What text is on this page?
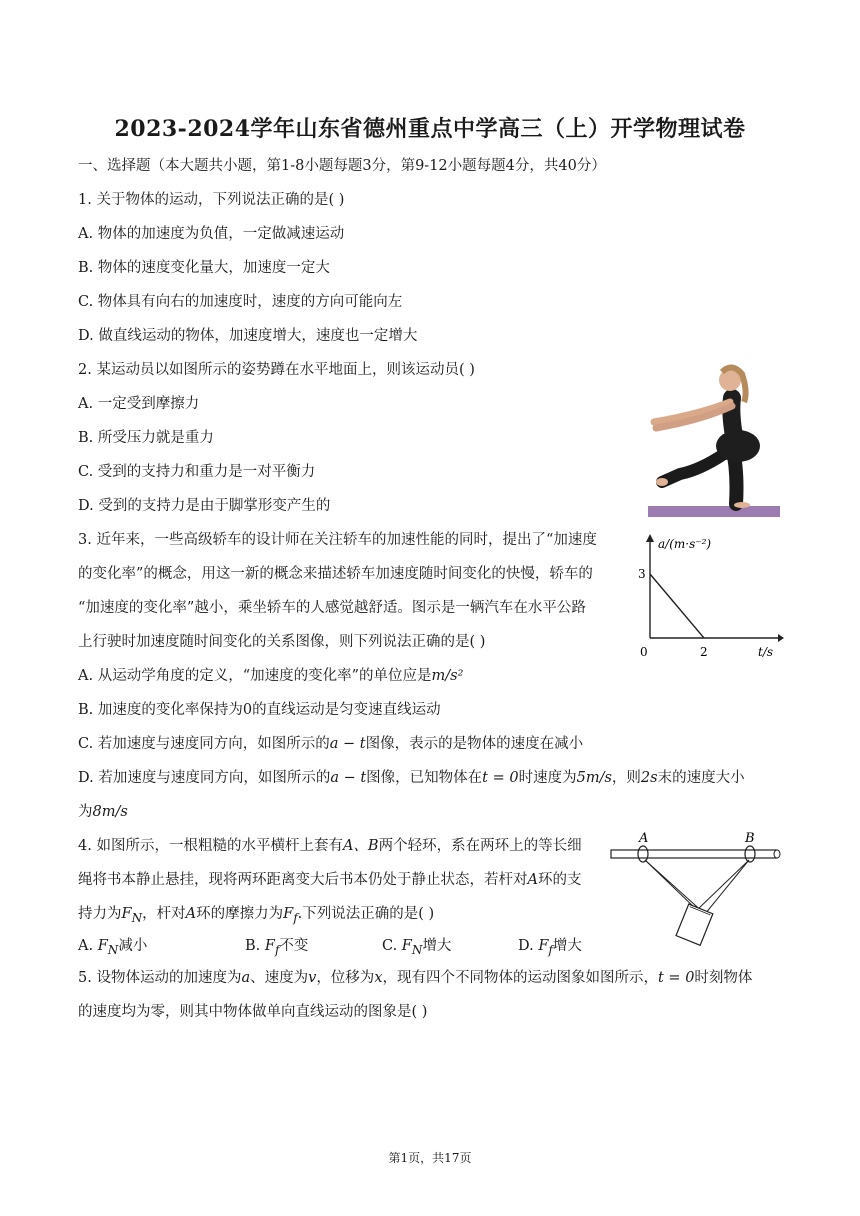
2023-2024学年山东省德州重点中学高三（上）开学物理试卷
一、选择题（本大题共小题，第1-8小题每题3分，第9-12小题每题4分，共40分）
1. 关于物体的运动，下列说法正确的是( )
A. 物体的加速度为负值，一定做减速运动
B. 物体的速度变化量大，加速度一定大
C. 物体具有向右的加速度时，速度的方向可能向左
D. 做直线运动的物体，加速度增大，速度也一定增大
2. 某运动员以如图所示的姿势蹲在水平地面上，则该运动员( )
A. 一定受到摩擦力
B. 所受压力就是重力
C. 受到的支持力和重力是一对平衡力
D. 受到的支持力是由于脚掌形变产生的
3. 近年来，一些高级轿车的设计师在关注轿车的加速性能的同时，提出了“加速度
的变化率”的概念，用这一新的概念来描述轿车加速度随时间变化的快慢，轿车的
“加速度的变化率”越小，乘坐轿车的人感觉越舒适。图示是一辆汽车在水平公路
上行驶时加速度随时间变化的关系图像，则下列说法正确的是( )
a/(m·s⁻²)
t/s
0
3
2
A. 从运动学角度的定义，“加速度的变化率”的单位应是m/s²
B. 加速度的变化率保持为0的直线运动是匀变速直线运动
C. 若加速度与速度同方向，如图所示的a − t图像，表示的是物体的速度在减小
D. 若加速度与速度同方向，如图所示的a − t图像，已知物体在t = 0时速度为5m/s，则2s末的速度大小
为8m/s
4. 如图所示，一根粗糙的水平横杆上套有A、B两个轻环，系在两环上的等长细
绳将书本静止悬挂，现将两环距离变大后书本仍处于静止状态，若杆对A环的支
持力为$F_N$，杆对A环的摩擦力为$F_f$.下列说法正确的是( )
A. $F_N$减小	B. $F_f$不变	C. $F_N$增大	D. $F_f$增大
A	B
5. 设物体运动的加速度为a、速度为v，位移为x，现有四个不同物体的运动图象如图所示，t = 0时刻物体
的速度均为零，则其中物体做单向直线运动的图象是( )
第1页，共17页
